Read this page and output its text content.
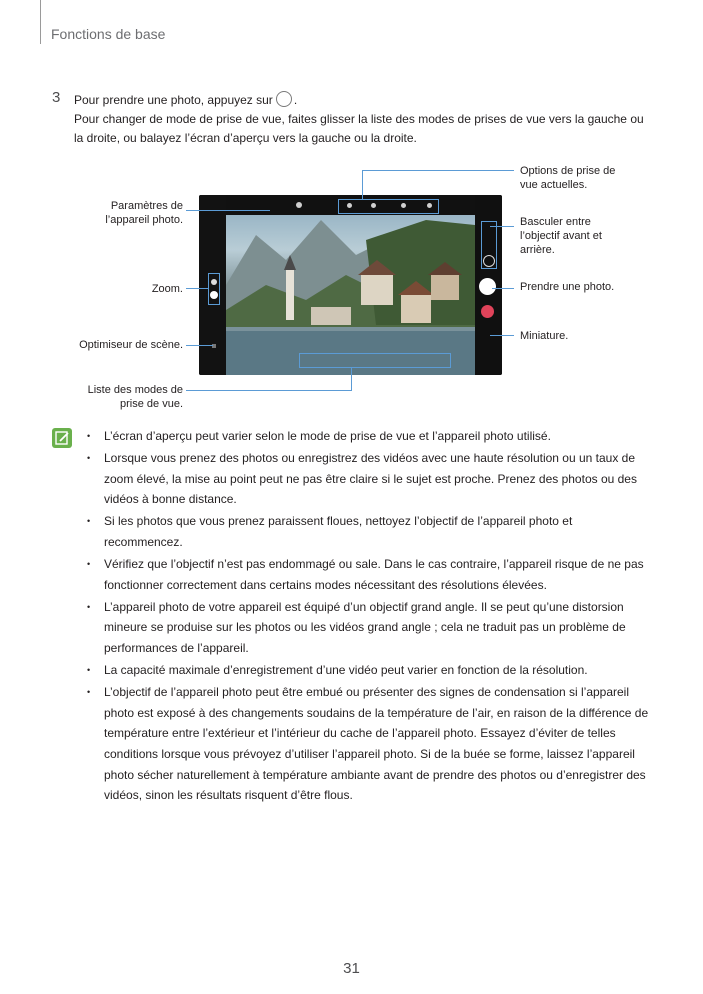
Fonctions de base
3 Pour prendre une photo, appuyez sur .
Pour changer de mode de prise de vue, faites glisser la liste des modes de prises de vue vers la gauche ou la droite, ou balayez l’écran d’aperçu vers la gauche ou la droite.
Options de prise de vue actuelles.
Paramètres de l’appareil photo.	Basculer entre l’objectif avant et arrière.
Zoom.	Prendre une photo.
Miniature.
Optimiseur de scène.
Liste des modes de prise de vue.
• L’écran d’aperçu peut varier selon le mode de prise de vue et l’appareil photo utilisé.
• Lorsque vous prenez des photos ou enregistrez des vidéos avec une haute résolution ou un taux de zoom élevé, la mise au point peut ne pas être claire si le sujet est proche. Prenez des photos ou des vidéos à bonne distance.
• Si les photos que vous prenez paraissent floues, nettoyez l’objectif de l’appareil photo et recommencez.
• Vérifiez que l’objectif n’est pas endommagé ou sale. Dans le cas contraire, l’appareil risque de ne pas fonctionner correctement dans certains modes nécessitant des résolutions élevées.
• L’appareil photo de votre appareil est équipé d’un objectif grand angle. Il se peut qu’une distorsion mineure se produise sur les photos ou les vidéos grand angle ; cela ne traduit pas un problème de performances de l’appareil.
• La capacité maximale d’enregistrement d’une vidéo peut varier en fonction de la résolution.
• L’objectif de l’appareil photo peut être embué ou présenter des signes de condensation si l’appareil photo est exposé à des changements soudains de la température de l’air, en raison de la différence de température entre l’extérieur et l’intérieur du cache de l’appareil photo. Essayez d’éviter de telles conditions lorsque vous prévoyez d’utiliser l’appareil photo. Si de la buée se forme, laissez l’appareil photo sécher naturellement à température ambiante avant de prendre des photos ou d’enregistrer des vidéos, sinon les résultats risquent d’être flous.
31
